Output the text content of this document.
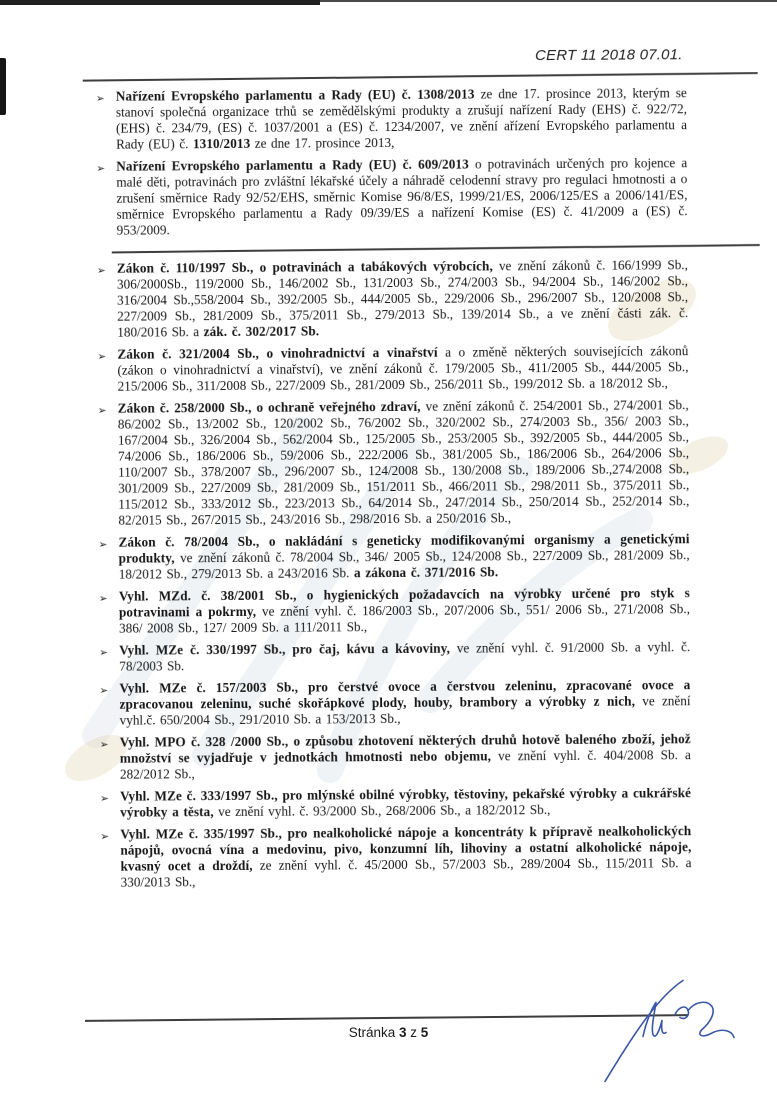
CERT 11 2018 07.01.
➢ Nařízení Evropského parlamentu a Rady (EU) č. 1308/2013 ze dne 17. prosince 2013, kterým se stanoví společná organizace trhů se zemědělskými produkty a zrušují nařízení Rady (EHS) č. 922/72, (EHS) č. 234/79, (ES) č. 1037/2001 a (ES) č. 1234/2007, ve znění ařízení Evropského parlamentu a Rady (EU) č. 1310/2013 ze dne 17. prosince 2013,
➢ Nařízení Evropského parlamentu a Rady (EU) č. 609/2013 o potravinách určených pro kojence a malé děti, potravinách pro zvláštní lékařské účely a náhradě celodenní stravy pro regulaci hmotnosti a o zrušení směrnice Rady 92/52/EHS, směrnic Komise 96/8/ES, 1999/21/ES, 2006/125/ES a 2006/141/ES, směrnice Evropského parlamentu a Rady 09/39/ES a nařízení Komise (ES) č. 41/2009 a (ES) č. 953/2009.
➢ Zákon č. 110/1997 Sb., o potravinách a tabákových výrobcích, ve znění zákonů č. 166/1999 Sb., 306/2000Sb., 119/2000 Sb., 146/2002 Sb., 131/2003 Sb., 274/2003 Sb., 94/2004 Sb., 146/2002 Sb., 316/2004 Sb.,558/2004 Sb., 392/2005 Sb., 444/2005 Sb., 229/2006 Sb., 296/2007 Sb., 120/2008 Sb., 227/2009 Sb., 281/2009 Sb., 375/2011 Sb., 279/2013 Sb., 139/2014 Sb., a ve znění části zák. č. 180/2016 Sb. a zák. č. 302/2017 Sb.
➢ Zákon č. 321/2004 Sb., o vinohradnictví a vinařství a o změně některých souvisejících zákonů (zákon o vinohradnictví a vinařství), ve znění zákonů č. 179/2005 Sb., 411/2005 Sb., 444/2005 Sb., 215/2006 Sb., 311/2008 Sb., 227/2009 Sb., 281/2009 Sb., 256/2011 Sb., 199/2012 Sb. a 18/2012 Sb.,
➢ Zákon č. 258/2000 Sb., o ochraně veřejného zdraví, ve znění zákonů č. 254/2001 Sb., 274/2001 Sb., 86/2002 Sb., 13/2002 Sb., 120/2002 Sb., 76/2002 Sb., 320/2002 Sb., 274/2003 Sb., 356/ 2003 Sb., 167/2004 Sb., 326/2004 Sb., 562/2004 Sb., 125/2005 Sb., 253/2005 Sb., 392/2005 Sb., 444/2005 Sb., 74/2006 Sb., 186/2006 Sb., 59/2006 Sb., 222/2006 Sb., 381/2005 Sb., 186/2006 Sb., 264/2006 Sb., 110/2007 Sb., 378/2007 Sb., 296/2007 Sb., 124/2008 Sb., 130/2008 Sb., 189/2006 Sb.,274/2008 Sb., 301/2009 Sb., 227/2009 Sb., 281/2009 Sb., 151/2011 Sb., 466/2011 Sb., 298/2011 Sb., 375/2011 Sb., 115/2012 Sb., 333/2012 Sb., 223/2013 Sb., 64/2014 Sb., 247/2014 Sb., 250/2014 Sb., 252/2014 Sb., 82/2015 Sb., 267/2015 Sb., 243/2016 Sb., 298/2016 Sb. a 250/2016 Sb.,
➢ Zákon č. 78/2004 Sb., o nakládání s geneticky modifikovanými organismy a genetickými produkty, ve znění zákonů č. 78/2004 Sb., 346/ 2005 Sb., 124/2008 Sb., 227/2009 Sb., 281/2009 Sb., 18/2012 Sb., 279/2013 Sb. a 243/2016 Sb. a zákona č. 371/2016 Sb.
➢ Vyhl. MZd. č. 38/2001 Sb., o hygienických požadavcích na výrobky určené pro styk s potravinami a pokrmy, ve znění vyhl. č. 186/2003 Sb., 207/2006 Sb., 551/ 2006 Sb., 271/2008 Sb., 386/ 2008 Sb., 127/ 2009 Sb. a 111/2011 Sb.,
➢ Vyhl. MZe č. 330/1997 Sb., pro čaj, kávu a kávoviny, ve znění vyhl. č. 91/2000 Sb. a vyhl. č. 78/2003 Sb.
➢ Vyhl. MZe č. 157/2003 Sb., pro čerstvé ovoce a čerstvou zeleninu, zpracované ovoce a zpracovanou zeleninu, suché skořápkové plody, houby, brambory a výrobky z nich, ve znění vyhl.č. 650/2004 Sb., 291/2010 Sb. a 153/2013 Sb.,
➢ Vyhl. MPO č. 328 /2000 Sb., o způsobu zhotovení některých druhů hotově baleného zboží, jehož množství se vyjadřuje v jednotkách hmotnosti nebo objemu, ve znění vyhl. č. 404/2008 Sb. a 282/2012 Sb.,
➢ Vyhl. MZe č. 333/1997 Sb., pro mlýnské obilné výrobky, těstoviny, pekařské výrobky a cukrářské výrobky a těsta, ve znění vyhl. č. 93/2000 Sb., 268/2006 Sb., a 182/2012 Sb.,
➢ Vyhl. MZe č. 335/1997 Sb., pro nealkoholické nápoje a koncentráty k přípravě nealkoholických nápojů, ovocná vína a medovinu, pivo, konzumní líh, lihoviny a ostatní alkoholické nápoje, kvasný ocet a droždí, ze znění vyhl. č. 45/2000 Sb., 57/2003 Sb., 289/2004 Sb., 115/2011 Sb. a 330/2013 Sb.,
Stránka 3 z 5
